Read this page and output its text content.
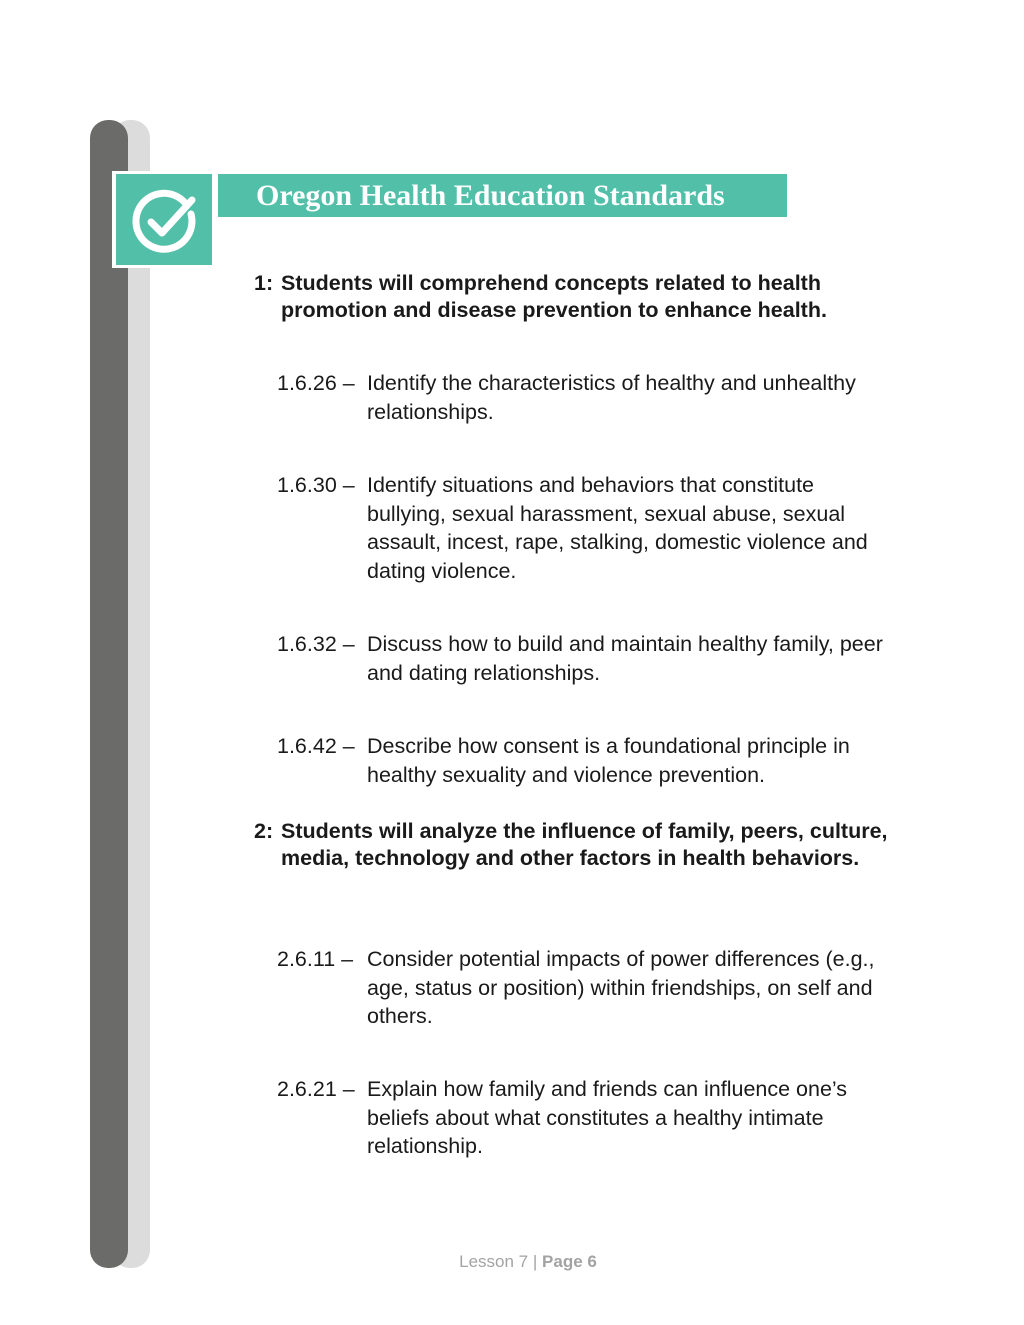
Oregon Health Education Standards
1: Students will comprehend concepts related to health promotion and disease prevention to enhance health.
1.6.26 – Identify the characteristics of healthy and unhealthy relationships.
1.6.30 – Identify situations and behaviors that constitute bullying, sexual harassment, sexual abuse, sexual assault, incest, rape, stalking, domestic violence and dating violence.
1.6.32 – Discuss how to build and maintain healthy family, peer and dating relationships.
1.6.42 – Describe how consent is a foundational principle in healthy sexuality and violence prevention.
2: Students will analyze the influence of family, peers, culture, media, technology and other factors in health behaviors.
2.6.11 – Consider potential impacts of power differences (e.g., age, status or position) within friendships, on self and others.
2.6.21 – Explain how family and friends can influence one’s beliefs about what constitutes a healthy intimate relationship.
Lesson 7 | Page 6
